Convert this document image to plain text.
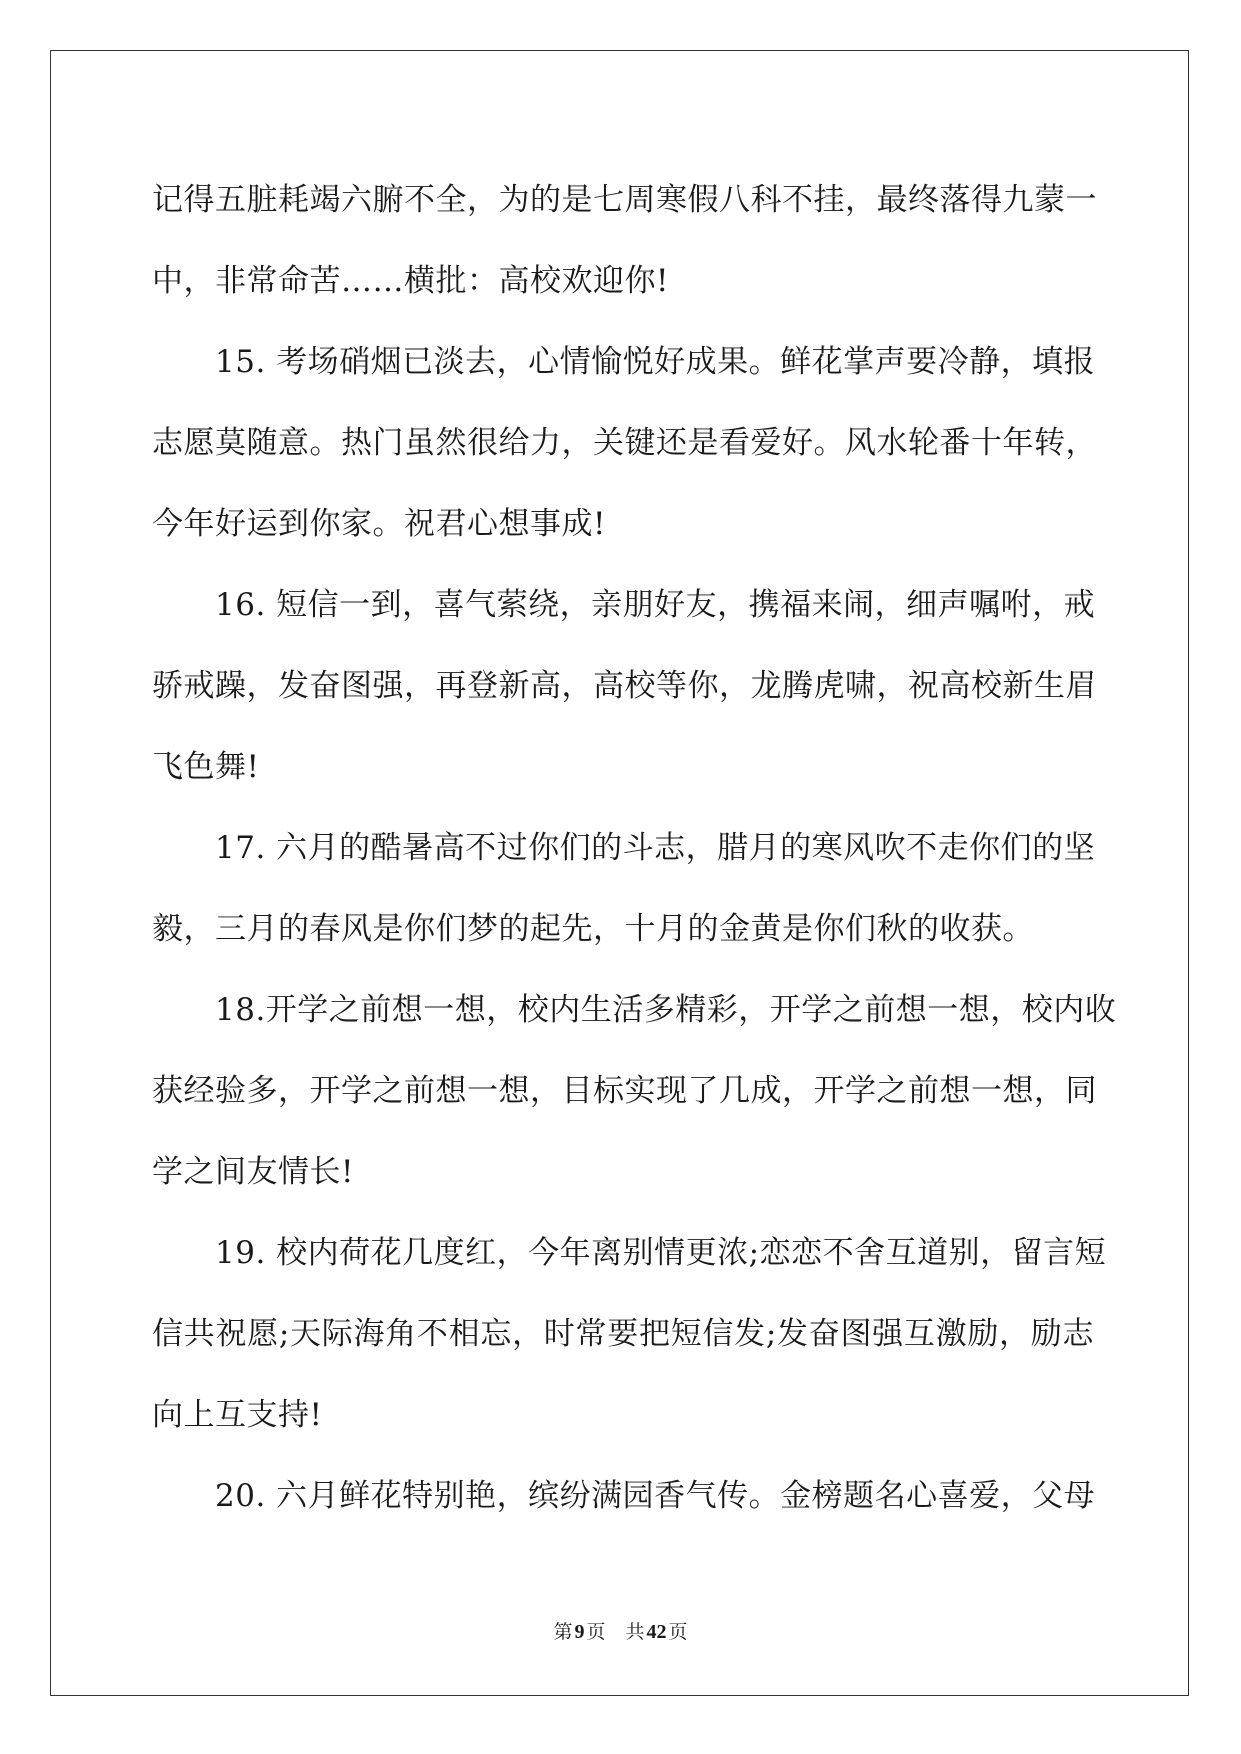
记得五脏耗竭六腑不全，为的是七周寒假八科不挂，最终落得九蒙一
中，非常命苦……横批：高校欢迎你!
　　15. 考场硝烟已淡去，心情愉悦好成果。鲜花掌声要冷静，填报
志愿莫随意。热门虽然很给力，关键还是看爱好。风水轮番十年转，
今年好运到你家。祝君心想事成!
　　16. 短信一到，喜气萦绕，亲朋好友，携福来闹，细声嘱咐，戒
骄戒躁，发奋图强，再登新高，高校等你，龙腾虎啸，祝高校新生眉
飞色舞!
　　17. 六月的酷暑高不过你们的斗志，腊月的寒风吹不走你们的坚
毅，三月的春风是你们梦的起先，十月的金黄是你们秋的收获。
　　18.开学之前想一想，校内生活多精彩，开学之前想一想，校内收
获经验多，开学之前想一想，目标实现了几成，开学之前想一想，同
学之间友情长!
　　19. 校内荷花几度红，今年离别情更浓;恋恋不舍互道别，留言短
信共祝愿;天际海角不相忘，时常要把短信发;发奋图强互激励，励志
向上互支持!
　　20. 六月鲜花特别艳，缤纷满园香气传。金榜题名心喜爱，父母
第 9 页 共 42 页
